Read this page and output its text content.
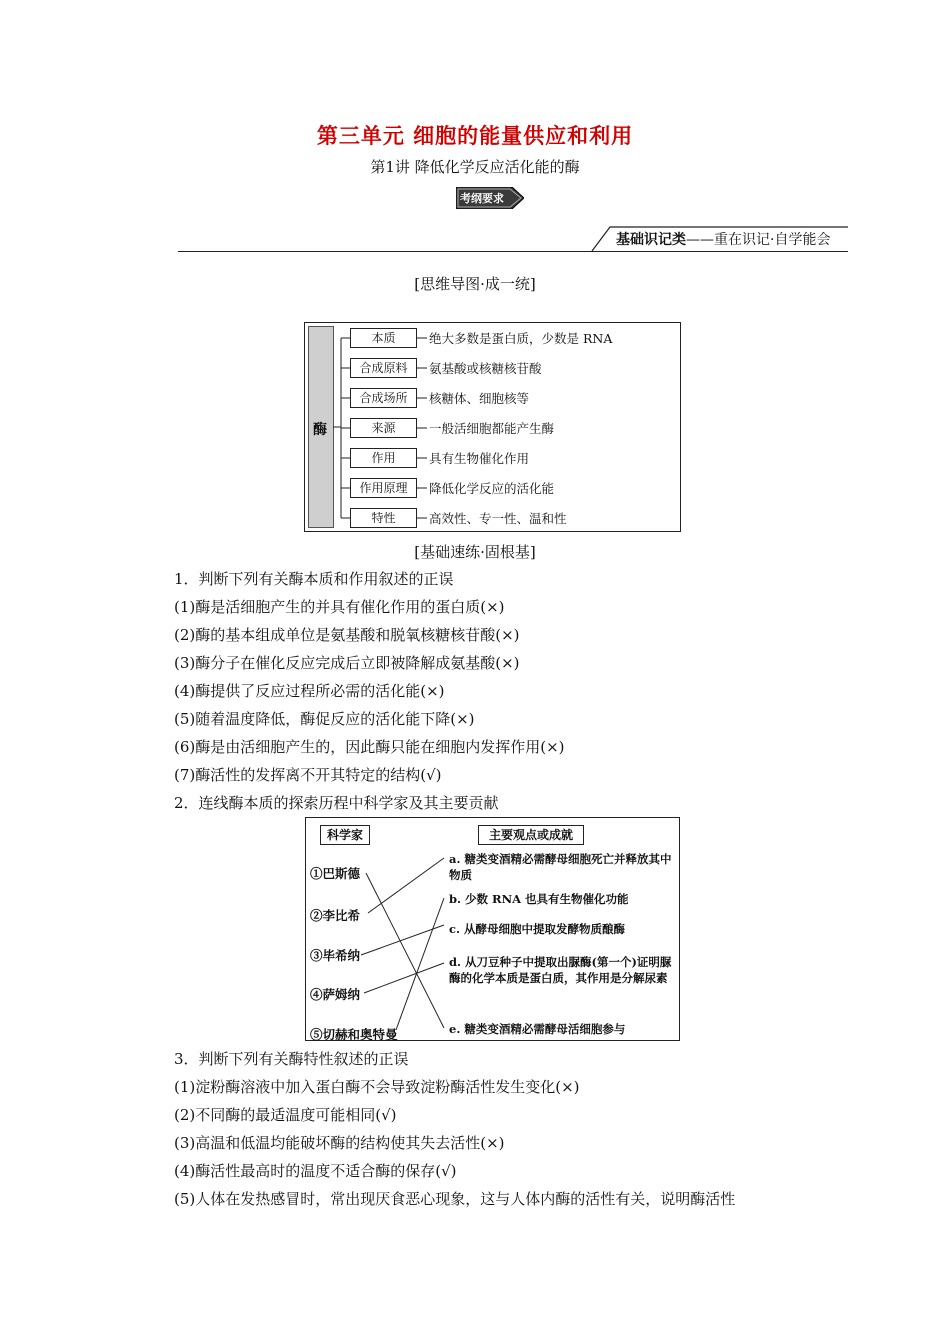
第三单元 细胞的能量供应和利用
第1讲 降低化学反应活化能的酶
考纲要求
基础识记类——重在识记·自学能会
[思维导图·成一统]
酶
本质	绝大多数是蛋白质，少数是 RNA
合成原料	氨基酸或核糖核苷酸
合成场所	核糖体、细胞核等
来源	一般活细胞都能产生酶
作用	具有生物催化作用
作用原理	降低化学反应的活化能
特性	高效性、专一性、温和性
[基础速练·固根基]
1．判断下列有关酶本质和作用叙述的正误
(1)酶是活细胞产生的并具有催化作用的蛋白质(×)
(2)酶的基本组成单位是氨基酸和脱氧核糖核苷酸(×)
(3)酶分子在催化反应完成后立即被降解成氨基酸(×)
(4)酶提供了反应过程所必需的活化能(×)
(5)随着温度降低，酶促反应的活化能下降(×)
(6)酶是由活细胞产生的，因此酶只能在细胞内发挥作用(×)
(7)酶活性的发挥离不开其特定的结构(√)
2．连线酶本质的探索历程中科学家及其主要贡献
科学家	主要观点或成就
①巴斯德
②李比希
③毕希纳
④萨姆纳
⑤切赫和奥特曼
a. 糖类变酒精必需酵母细胞死亡并释放其中物质
b. 少数 RNA 也具有生物催化功能
c. 从酵母细胞中提取发酵物质酿酶
d. 从刀豆种子中提取出脲酶(第一个)证明脲酶的化学本质是蛋白质，其作用是分解尿素
e. 糖类变酒精必需酵母活细胞参与
3．判断下列有关酶特性叙述的正误
(1)淀粉酶溶液中加入蛋白酶不会导致淀粉酶活性发生变化(×)
(2)不同酶的最适温度可能相同(√)
(3)高温和低温均能破坏酶的结构使其失去活性(×)
(4)酶活性最高时的温度不适合酶的保存(√)
(5)人体在发热感冒时，常出现厌食恶心现象，这与人体内酶的活性有关，说明酶活性
